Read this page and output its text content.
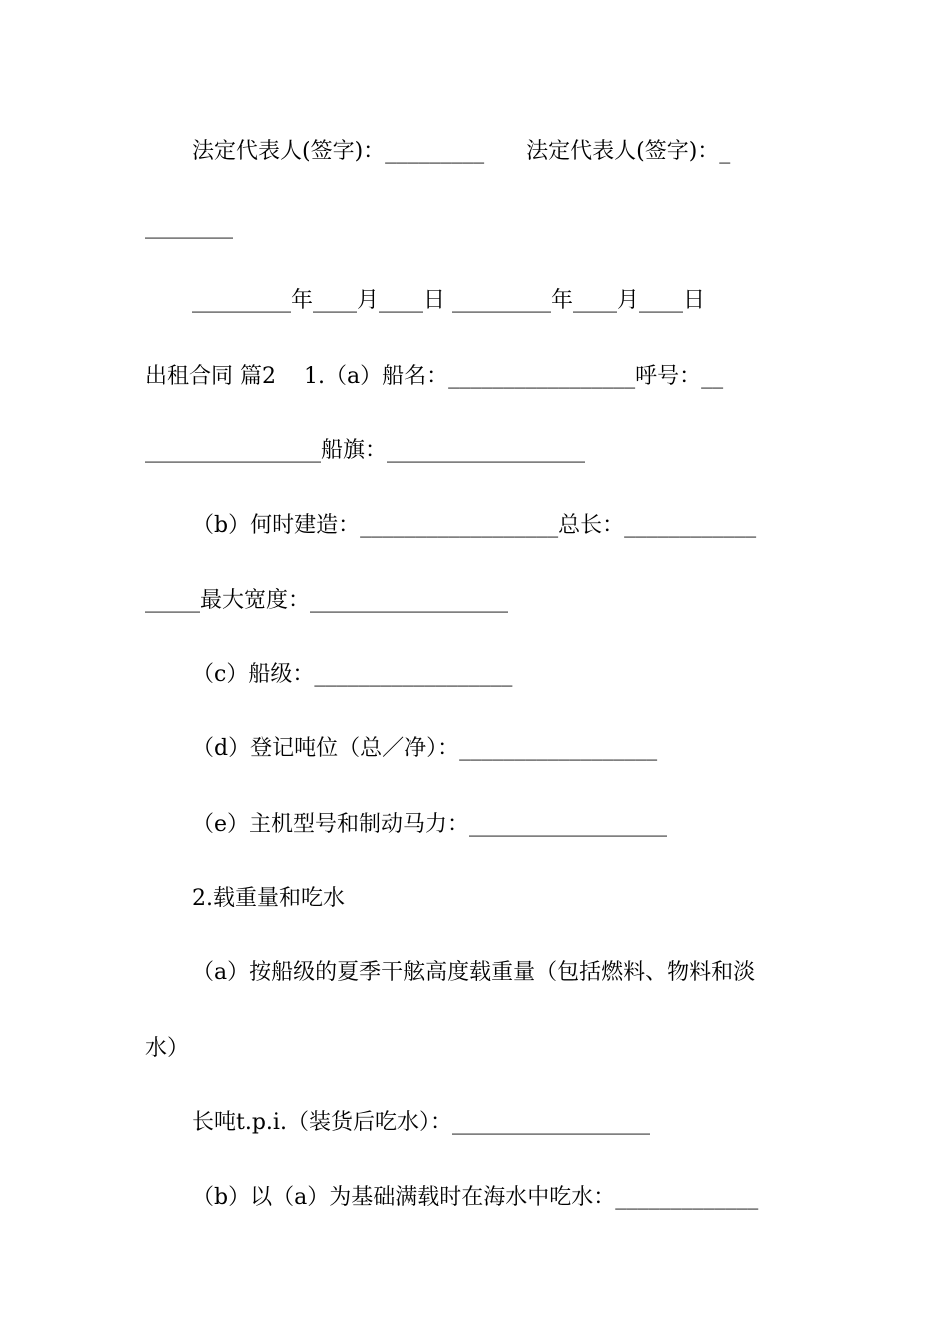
法定代表人(签字)：_________      法定代表人(签字)：_
________
_________年____月____日 _________年____月____日
出租合同 篇2    1.（a）船名：_________________呼号：__
________________船旗：__________________
（b）何时建造：__________________总长：____________
_____最大宽度：__________________
（c）船级：__________________
（d）登记吨位（总／净）：__________________
（e）主机型号和制动马力：__________________
2.载重量和吃水
（a）按船级的夏季干舷高度载重量（包括燃料、物料和淡
水）
长吨t.p.i.（装货后吃水）：__________________
（b）以（a）为基础满载时在海水中吃水：_____________
